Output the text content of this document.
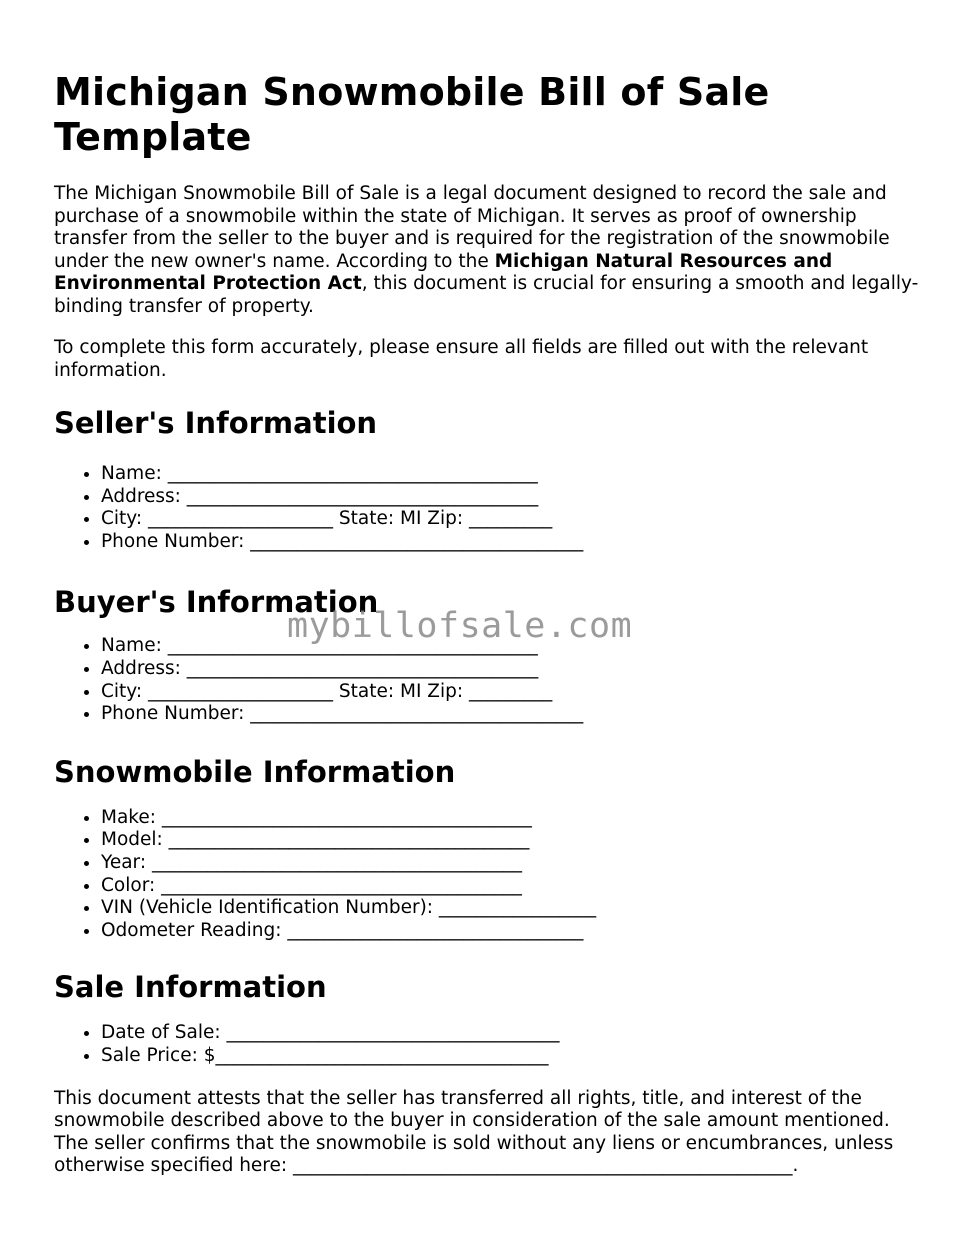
Michigan Snowmobile Bill of Sale Template

The Michigan Snowmobile Bill of Sale is a legal document designed to record the sale and purchase of a snowmobile within the state of Michigan. It serves as proof of ownership transfer from the seller to the buyer and is required for the registration of the snowmobile under the new owner's name. According to the Michigan Natural Resources and Environmental Protection Act, this document is crucial for ensuring a smooth and legally-binding transfer of property.

To complete this form accurately, please ensure all fields are filled out with the relevant information.

Seller's Information
• Name: ________________________________________
• Address: ______________________________________
• City: ____________________ State: MI Zip: _________
• Phone Number: ____________________________________
Buyer's Information
• Name: ________________________________________
• Address: ______________________________________
• City: ____________________ State: MI Zip: _________
• Phone Number: ____________________________________
Snowmobile Information
• Make: ________________________________________
• Model: _______________________________________
• Year: ________________________________________
• Color: _______________________________________
• VIN (Vehicle Identification Number): _________________
• Odometer Reading: ________________________________
Sale Information
• Date of Sale: ____________________________________
• Sale Price: $____________________________________

This document attests that the seller has transferred all rights, title, and interest of the snowmobile described above to the buyer in consideration of the sale amount mentioned. The seller confirms that the snowmobile is sold without any liens or encumbrances, unless otherwise specified here: ______________________________________________________.

mybillofsale.com
